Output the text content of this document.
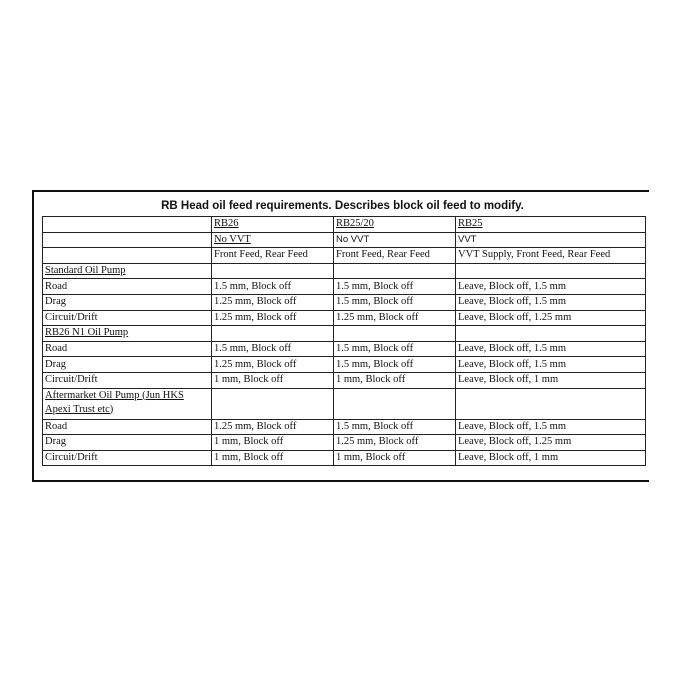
RB Head oil feed requirements. Describes block oil feed to modify.
	RB26	RB25/20	RB25
	No VVT	No VVT	VVT
	Front Feed, Rear Feed	Front Feed, Rear Feed	VVT Supply, Front Feed, Rear Feed
Standard Oil Pump			
Road	1.5 mm, Block off	1.5 mm, Block off	Leave, Block off, 1.5 mm
Drag	1.25 mm, Block off	1.5 mm, Block off	Leave, Block off, 1.5 mm
Circuit/Drift	1.25 mm, Block off	1.25 mm, Block off	Leave, Block off, 1.25 mm
RB26 N1 Oil Pump			
Road	1.5 mm, Block off	1.5 mm, Block off	Leave, Block off, 1.5 mm
Drag	1.25 mm, Block off	1.5 mm, Block off	Leave, Block off, 1.5 mm
Circuit/Drift	1 mm, Block off	1 mm, Block off	Leave, Block off, 1 mm
Aftermarket Oil Pump (Jun HKS Apexi Trust etc)			
Road	1.25 mm, Block off	1.5 mm, Block off	Leave, Block off, 1.5 mm
Drag	1 mm, Block off	1.25 mm, Block off	Leave, Block off, 1.25 mm
Circuit/Drift	1 mm, Block off	1 mm, Block off	Leave, Block off, 1 mm
